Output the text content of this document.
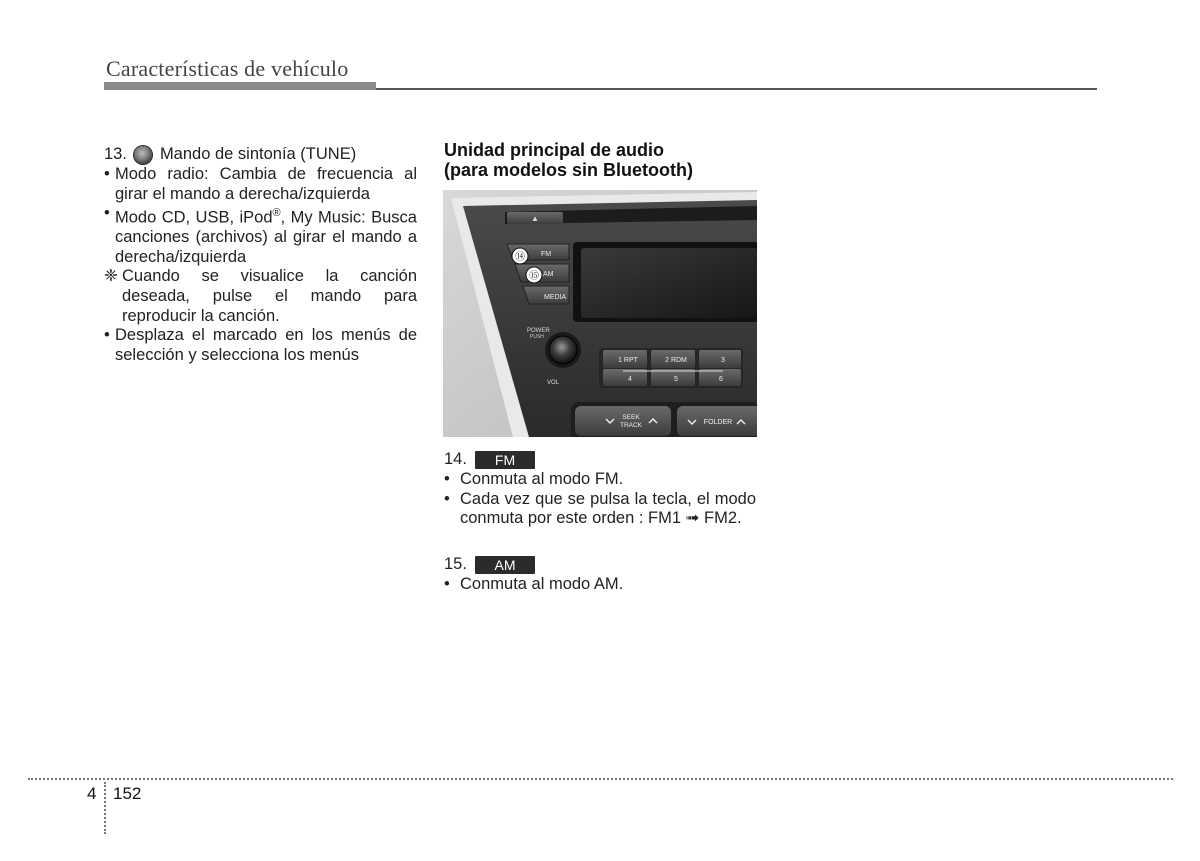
Características de vehículo
13. Mando de sintonía (TUNE)
• Modo radio: Cambia de frecuencia al girar el mando a derecha/izquierda
• Modo CD, USB, iPod®, My Music: Busca canciones (archivos) al girar el mando a derecha/izquierda
❈ Cuando se visualice la canción deseada, pulse el mando para reproducir la canción.
• Desplaza el marcado en los menús de selección y selecciona los menús
Unidad principal de audio
(para modelos sin Bluetooth)
▲
FM
AM
MEDIA
⑭
⑮
POWER
PUSH
VOL
1 RPT	2 RDM	3
4	5	6
SEEK
TRACK	FOLDER
14.	FM
• Conmuta al modo FM.
• Cada vez que se pulsa la tecla, el modo conmuta por este orden : FM1 ➟ FM2.
15.	AM
• Conmuta al modo AM.
4 152
